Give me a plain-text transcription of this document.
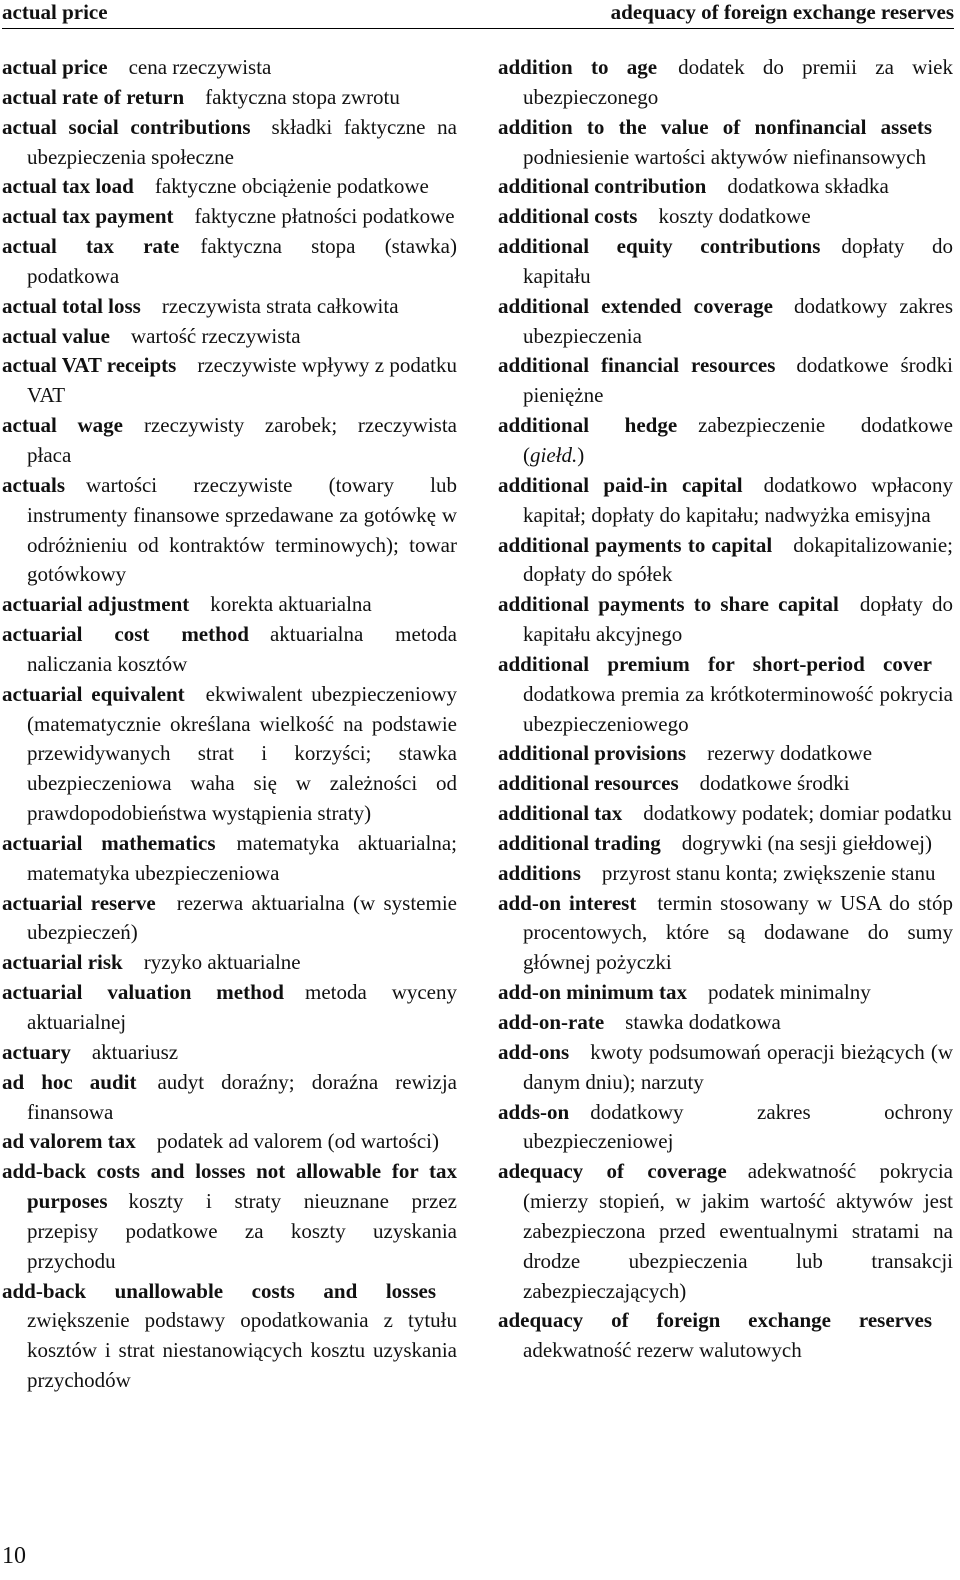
actual price	adequacy of foreign exchange reserves

actual price  cena rzeczywista

actual rate of return  faktyczna stopa zwrotu

actual social contributions  składki faktyczne na ubezpieczenia społeczne

actual tax load  faktyczne obciążenie podatkowe

actual tax payment  faktyczne płatności podatkowe

actual tax rate  faktyczna stopa (stawka) podatkowa

actual total loss  rzeczywista strata całkowita

actual value  wartość rzeczywista

actual VAT receipts  rzeczywiste wpływy z podatku VAT

actual wage  rzeczywisty zarobek; rzeczywista płaca

actuals  wartości rzeczywiste (towary lub instrumenty finansowe sprzedawane za gotówkę w odróżnieniu od kontraktów terminowych); towar gotówkowy

actuarial adjustment  korekta aktuarialna

actuarial cost method  aktuarialna metoda naliczania kosztów

actuarial equivalent  ekwiwalent ubezpieczeniowy (matematycznie określana wielkość na podstawie przewidywanych strat i korzyści; stawka ubezpieczeniowa waha się w zależności od prawdopodobieństwa wystąpienia straty)

actuarial mathematics  matematyka aktuarialna; matematyka ubezpieczeniowa

actuarial reserve  rezerwa aktuarialna (w systemie ubezpieczeń)

actuarial risk  ryzyko aktuarialne

actuarial valuation method  metoda wyceny aktuarialnej

actuary  aktuariusz

ad hoc audit  audyt doraźny; doraźna rewizja finansowa

ad valorem tax  podatek ad valorem (od wartości)

add-back costs and losses not allowable for tax purposes  koszty i straty nieuznane przez przepisy podatkowe za koszty uzyskania przychodu

add-back unallowable costs and losses zwiększenie podstawy opodatkowania z tytułu kosztów i strat niestanowiących kosztu uzyskania przychodów

addition to age  dodatek do premii za wiek ubezpieczonego

addition to the value of nonfinancial assets podniesienie wartości aktywów niefinansowych

additional contribution  dodatkowa składka

additional costs  koszty dodatkowe

additional equity contributions  dopłaty do kapitału

additional extended coverage  dodatkowy zakres ubezpieczenia

additional financial resources  dodatkowe środki pieniężne

additional hedge  zabezpieczenie dodatkowe (giełd.)

additional paid-in capital  dodatkowo wpłacony kapitał; dopłaty do kapitału; nadwyżka emisyjna

additional payments to capital  dokapitalizowanie; dopłaty do spółek

additional payments to share capital  dopłaty do kapitału akcyjnego

additional premium for short-period cover dodatkowa premia za krótkoterminowość pokrycia ubezpieczeniowego

additional provisions  rezerwy dodatkowe

additional resources  dodatkowe środki

additional tax  dodatkowy podatek; domiar podatku

additional trading  dogrywki (na sesji giełdowej)

additions  przyrost stanu konta; zwiększenie stanu

add-on interest  termin stosowany w USA do stóp procentowych, które są dodawane do sumy głównej pożyczki

add-on minimum tax  podatek minimalny

add-on-rate  stawka dodatkowa

add-ons  kwoty podsumowań operacji bieżących (w danym dniu); narzuty

adds-on  dodatkowy zakres ochrony ubezpieczeniowej

adequacy of coverage  adekwatność pokrycia (mierzy stopień, w jakim wartość aktywów jest zabezpieczona przed ewentualnymi stratami na drodze ubezpieczenia lub transakcji zabezpieczających)

adequacy of foreign exchange reserves adekwatność rezerw walutowych

10
